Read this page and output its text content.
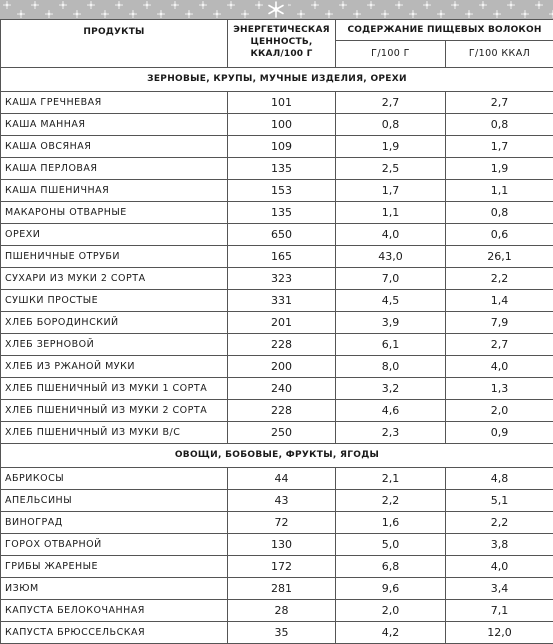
ПРОДУКТЫ	ЭНЕРГЕТИЧЕСКАЯ ЦЕННОСТЬ, ККАЛ/100 Г	СОДЕРЖАНИЕ ПИЩЕВЫХ ВОЛОКОН	
		Г/100 Г	Г/100 ККАЛ
ЗЕРНОВЫЕ, КРУПЫ, МУЧНЫЕ ИЗДЕЛИЯ, ОРЕХИ			
КАША ГРЕЧНЕВАЯ	101	2,7	2,7
КАША МАННАЯ	100	0,8	0,8
КАША ОВСЯНАЯ	109	1,9	1,7
КАША ПЕРЛОВАЯ	135	2,5	1,9
КАША ПШЕНИЧНАЯ	153	1,7	1,1
МАКАРОНЫ ОТВАРНЫЕ	135	1,1	0,8
ОРЕХИ	650	4,0	0,6
ПШЕНИЧНЫЕ ОТРУБИ	165	43,0	26,1
СУХАРИ ИЗ МУКИ 2 СОРТА	323	7,0	2,2
СУШКИ ПРОСТЫЕ	331	4,5	1,4
ХЛЕБ БОРОДИНСКИЙ	201	3,9	7,9
ХЛЕБ ЗЕРНОВОЙ	228	6,1	2,7
ХЛЕБ ИЗ РЖАНОЙ МУКИ	200	8,0	4,0
ХЛЕБ ПШЕНИЧНЫЙ ИЗ МУКИ 1 СОРТА	240	3,2	1,3
ХЛЕБ ПШЕНИЧНЫЙ ИЗ МУКИ 2 СОРТА	228	4,6	2,0
ХЛЕБ ПШЕНИЧНЫЙ ИЗ МУКИ В/С	250	2,3	0,9
ОВОЩИ, БОБОВЫЕ, ФРУКТЫ, ЯГОДЫ			
АБРИКОСЫ	44	2,1	4,8
АПЕЛЬСИНЫ	43	2,2	5,1
ВИНОГРАД	72	1,6	2,2
ГОРОХ ОТВАРНОЙ	130	5,0	3,8
ГРИБЫ ЖАРЕНЫЕ	172	6,8	4,0
ИЗЮМ	281	9,6	3,4
КАПУСТА БЕЛОКОЧАННАЯ	28	2,0	7,1
КАПУСТА БРЮССЕЛЬСКАЯ	35	4,2	12,0
